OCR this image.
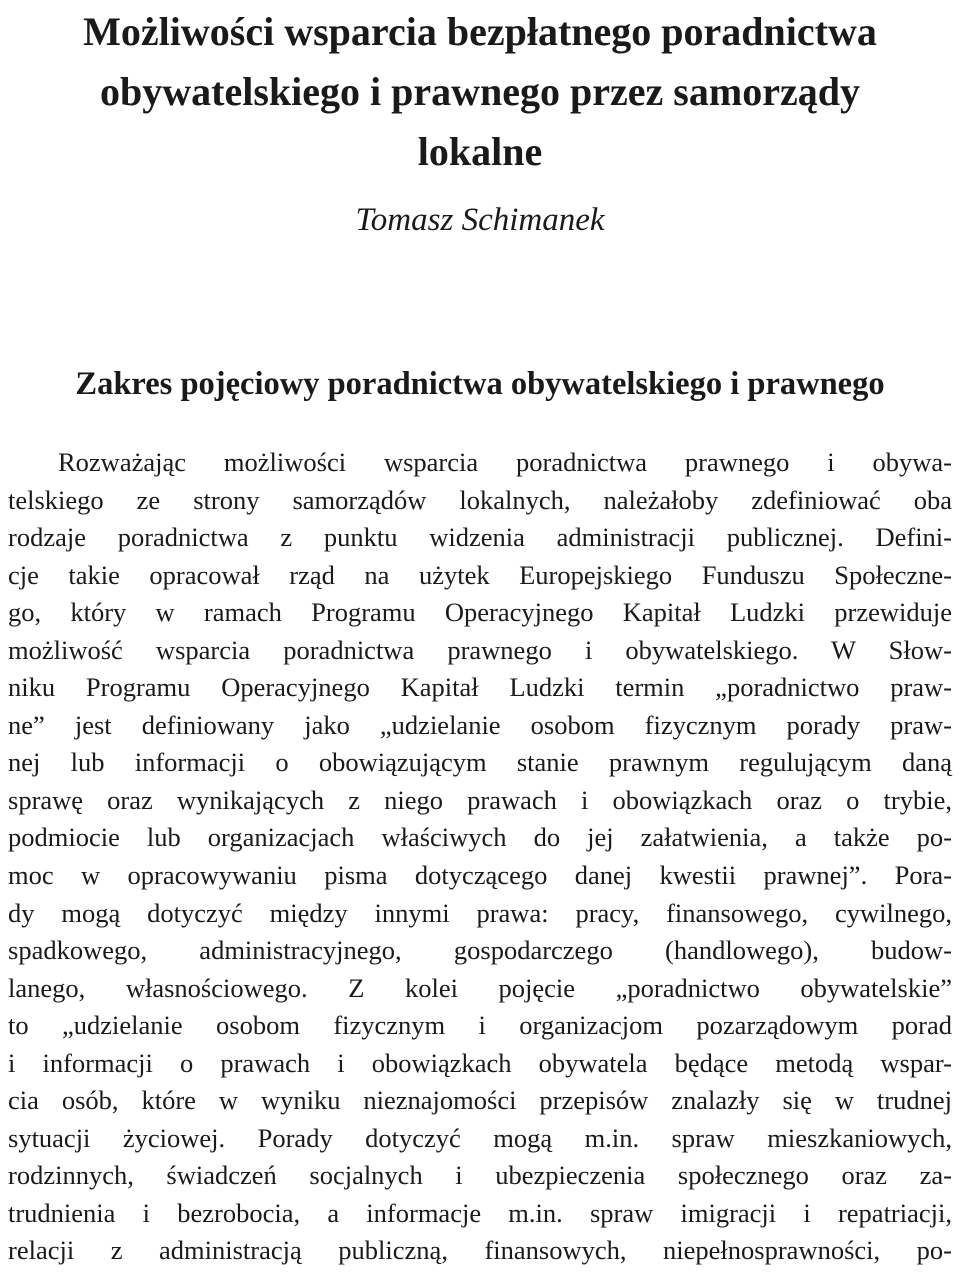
Możliwości wsparcia bezpłatnego poradnictwa
obywatelskiego i prawnego przez samorządy
lokalne

Tomasz Schimanek

Zakres pojęciowy poradnictwa obywatelskiego i prawnego
Rozważając możliwości wsparcia poradnictwa prawnego i obywa-
telskiego ze strony samorządów lokalnych, należałoby zdefiniować oba
rodzaje poradnictwa z punktu widzenia administracji publicznej. Defini-
cje takie opracował rząd na użytek Europejskiego Funduszu Społeczne-
go, który w ramach Programu Operacyjnego Kapitał Ludzki przewiduje
możliwość wsparcia poradnictwa prawnego i obywatelskiego. W Słow-
niku Programu Operacyjnego Kapitał Ludzki termin „poradnictwo praw-
ne” jest definiowany jako „udzielanie osobom fizycznym porady praw-
nej lub informacji o obowiązującym stanie prawnym regulującym daną
sprawę oraz wynikających z niego prawach i obowiązkach oraz o trybie,
podmiocie lub organizacjach właściwych do jej załatwienia, a także po-
moc w opracowywaniu pisma dotyczącego danej kwestii prawnej”. Pora-
dy mogą dotyczyć między innymi prawa: pracy, finansowego, cywilnego,
spadkowego, administracyjnego, gospodarczego (handlowego), budow-
lanego, własnościowego. Z kolei pojęcie „poradnictwo obywatelskie”
to „udzielanie osobom fizycznym i organizacjom pozarządowym porad
i informacji o prawach i obowiązkach obywatela będące metodą wspar-
cia osób, które w wyniku nieznajomości przepisów znalazły się w trudnej
sytuacji życiowej. Porady dotyczyć mogą m.in. spraw mieszkaniowych,
rodzinnych, świadczeń socjalnych i ubezpieczenia społecznego oraz za-
trudnienia i bezrobocia, a informacje m.in. spraw imigracji i repatriacji,
relacji z administracją publiczną, finansowych, niepełnosprawności, po-
